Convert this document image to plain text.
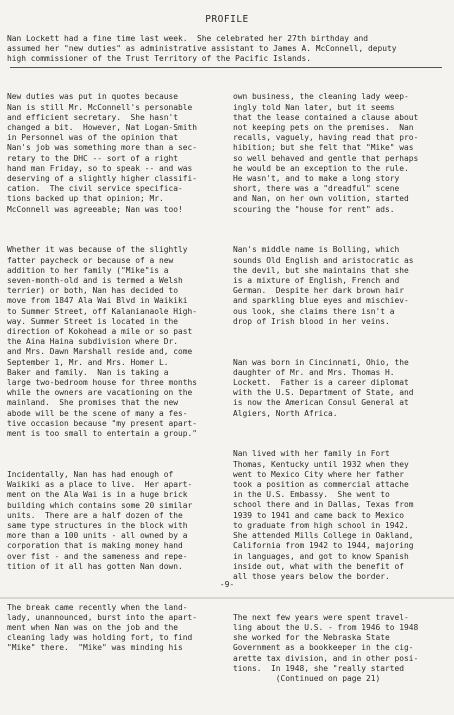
PROFILE
Nan Lockett had a fine time last week.  She celebrated her 27th birthday and
assumed her "new duties" as administrative assistant to James A. McConnell, deputy
high commissioner of the Trust Territory of the Pacific Islands.

New duties was put in quotes because
Nan is still Mr. McConnell's personable
and efficient secretary.  She hasn't
changed a bit.  However, Nat Logan-Smith
in Personnel was of the opinion that
Nan's job was something more than a sec-
retary to the DHC -- sort of a right
hand man Friday, so to speak -- and was
deserving of a slightly higher classifi-
cation.  The civil service specifica-
tions backed up that opinion; Mr.
McConnell was agreeable; Nan was too!

Whether it was because of the slightly
fatter paycheck or because of a new
addition to her family ("Mike"is a
seven-month-old and is termed a Welsh
terrier) or both, Nan has decided to
move from 1847 Ala Wai Blvd in Waikiki
to Summer Street, off Kalanianaole High-
way. Summer Street is located in the
direction of Kokohead a mile or so past
the Aina Haina subdivision where Dr.
and Mrs. Dawn Marshall reside and, come
September 1, Mr. and Mrs. Homer L.
Baker and family.  Nan is taking a
large two-bedroom house for three months
while the owners are vacationing on the
mainland.  She promises that the new
abode will be the scene of many a fes-
tive occasion because "my present apart-
ment is too small to entertain a group."

Incidentally, Nan has had enough of
Waikiki as a place to live.  Her apart-
ment on the Ala Wai is in a huge brick
building which contains some 20 similar
units.  There are a half dozen of the
same type structures in the block with
more than a 100 units - all owned by a
corporation that is making money hand
over fist - and the sameness and repe-
tition of it all has gotten Nan down.

The break came recently when the land-
lady, unannounced, burst into the apart-
ment when Nan was on the job and the
cleaning lady was holding fort, to find
"Mike" there.  "Mike" was minding his

own business, the cleaning lady weep-
ingly told Nan later, but it seems
that the lease contained a clause about
not keeping pets on the premises.  Nan
recalls, vaguely, having read that pro-
hibition; but she felt that "Mike" was
so well behaved and gentle that perhaps
he would be an exception to the rule.
He wasn't, and to make a long story
short, there was a "dreadful" scene
and Nan, on her own volition, started
scouring the "house for rent" ads.

Nan's middle name is Bolling, which
sounds Old English and aristocratic as
the devil, but she maintains that she
is a mixture of English, French and
German.  Despite her dark brown hair
and sparkling blue eyes and mischiev-
ous look, she claims there isn't a
drop of Irish blood in her veins.

Nan was born in Cincinnati, Ohio, the
daughter of Mr. and Mrs. Thomas H.
Lockett.  Father is a career diplomat
with the U.S. Department of State, and
is now the American Consul General at
Algiers, North Africa.

Nan lived with her family in Fort
Thomas, Kentucky until 1932 when they
went to Mexico City where her father
took a position as commercial attache
in the U.S. Embassy.  She went to
school there and in Dallas, Texas from
1939 to 1941 and came back to Mexico
to graduate from high school in 1942.
She attended Mills College in Oakland,
California from 1942 to 1944, majoring
in languages, and got to know Spanish
inside out, what with the benefit of
all those years below the border.

The next few years were spent travel-
ling about the U.S. - from 1946 to 1948
she worked for the Nebraska State
Government as a bookkeeper in the cig-
arette tax division, and in other posi-
tions.  In 1948, she "really started
(Continued on page 21)

-9-
